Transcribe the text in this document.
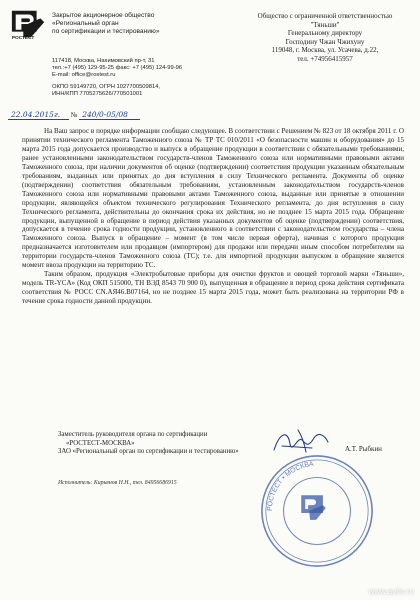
РОСТЕСТ
Закрытое акционерное общество
«Региональный орган
по сертификации и тестированию»
117418, Москва, Нахимовский пр-т, 31
тел.:+7 (495) 129-95-25 факс: +7 (495) 124-99-96
E-mail: office@rostest.ru
ОКПО 59149720, ОГРН 1027700509814,
ИНН/КПП 7705275626/770501001
Общество с ограниченной ответственностью
"Тяньши"
Генеральному директору
Господину Чжан Чжихуну
119048, г. Москва, ул. Усачева, д.22,
тел. +74956415957
22.04.2015г. № 240/0-05/08

На Ваш запрос в порядке информации сообщаю следующее. В соответствии с Решением № 823 от 18 октября 2011 г. О принятии технического регламента Таможенного союза № ТР ТС 010/2011 «О безопасности машин и оборудования» до 15 марта 2015 года допускается производство и выпуск в обращение продукции в соответствии с обязательными требованиями, ранее установленными законодательством государств-членов Таможенного союза или нормативными правовыми актами Таможенного союза, при наличии документов об оценке (подтверждении) соответствия продукции указанным обязательным требованиям, выданных или принятых до дня вступления в силу Технического регламента. Документы об оценке (подтверждении) соответствия обязательным требованиям, установленным законодательством государств-членов Таможенного союза или нормативными правовыми актами Таможенного союза, выданные или принятые в отношении продукции, являющейся объектом технического регулирования Технического регламента, до дня вступления в силу Технического регламента, действительны до окончания срока их действия, но не позднее 15 марта 2015 года. Обращение продукции, выпущенной в обращение в период действия указанных документов об оценке (подтверждении) соответствия, допускается в течение срока годности продукции, установленного в соответствии с законодательством государства – члена Таможенного союза. Выпуск в обращение – момент (в том числе первая оферта), начиная с которого продукция предназначается изготовителем или продавцом (импортером) для продажи или передачи иным способом потребителям на территории государств-членов Таможенного союза (ТС); т.е. для импортной продукции выпуском в обращение является момент ввоза продукции на территорию ТС.

Таким образом, продукция «Электробытовые приборы для очистки фруктов и овощей торговой марки «Тяньши», модель TR-YCA» (Код ОКП 515000, ТН ВЭД 8543 70 900 0), выпущенная в обращение в период срока действия сертификата соответствия № РОСС CN.АЯ46.В07164, но не позднее 15 марта 2015 года, может быть реализована на территории РФ в течение срока годности данной продукции.

Заместитель руководителя органа по сертификации
«РОСТЕСТ-МОСКВА»
ЗАО «Региональный орган по сертификации и тестированию»	А.Т. Рыбкин
РОСТЕСТ • МОСКВА
Исполнитель: Кирьянов Н.Н., тел. 84956686915
www.avito.ru
